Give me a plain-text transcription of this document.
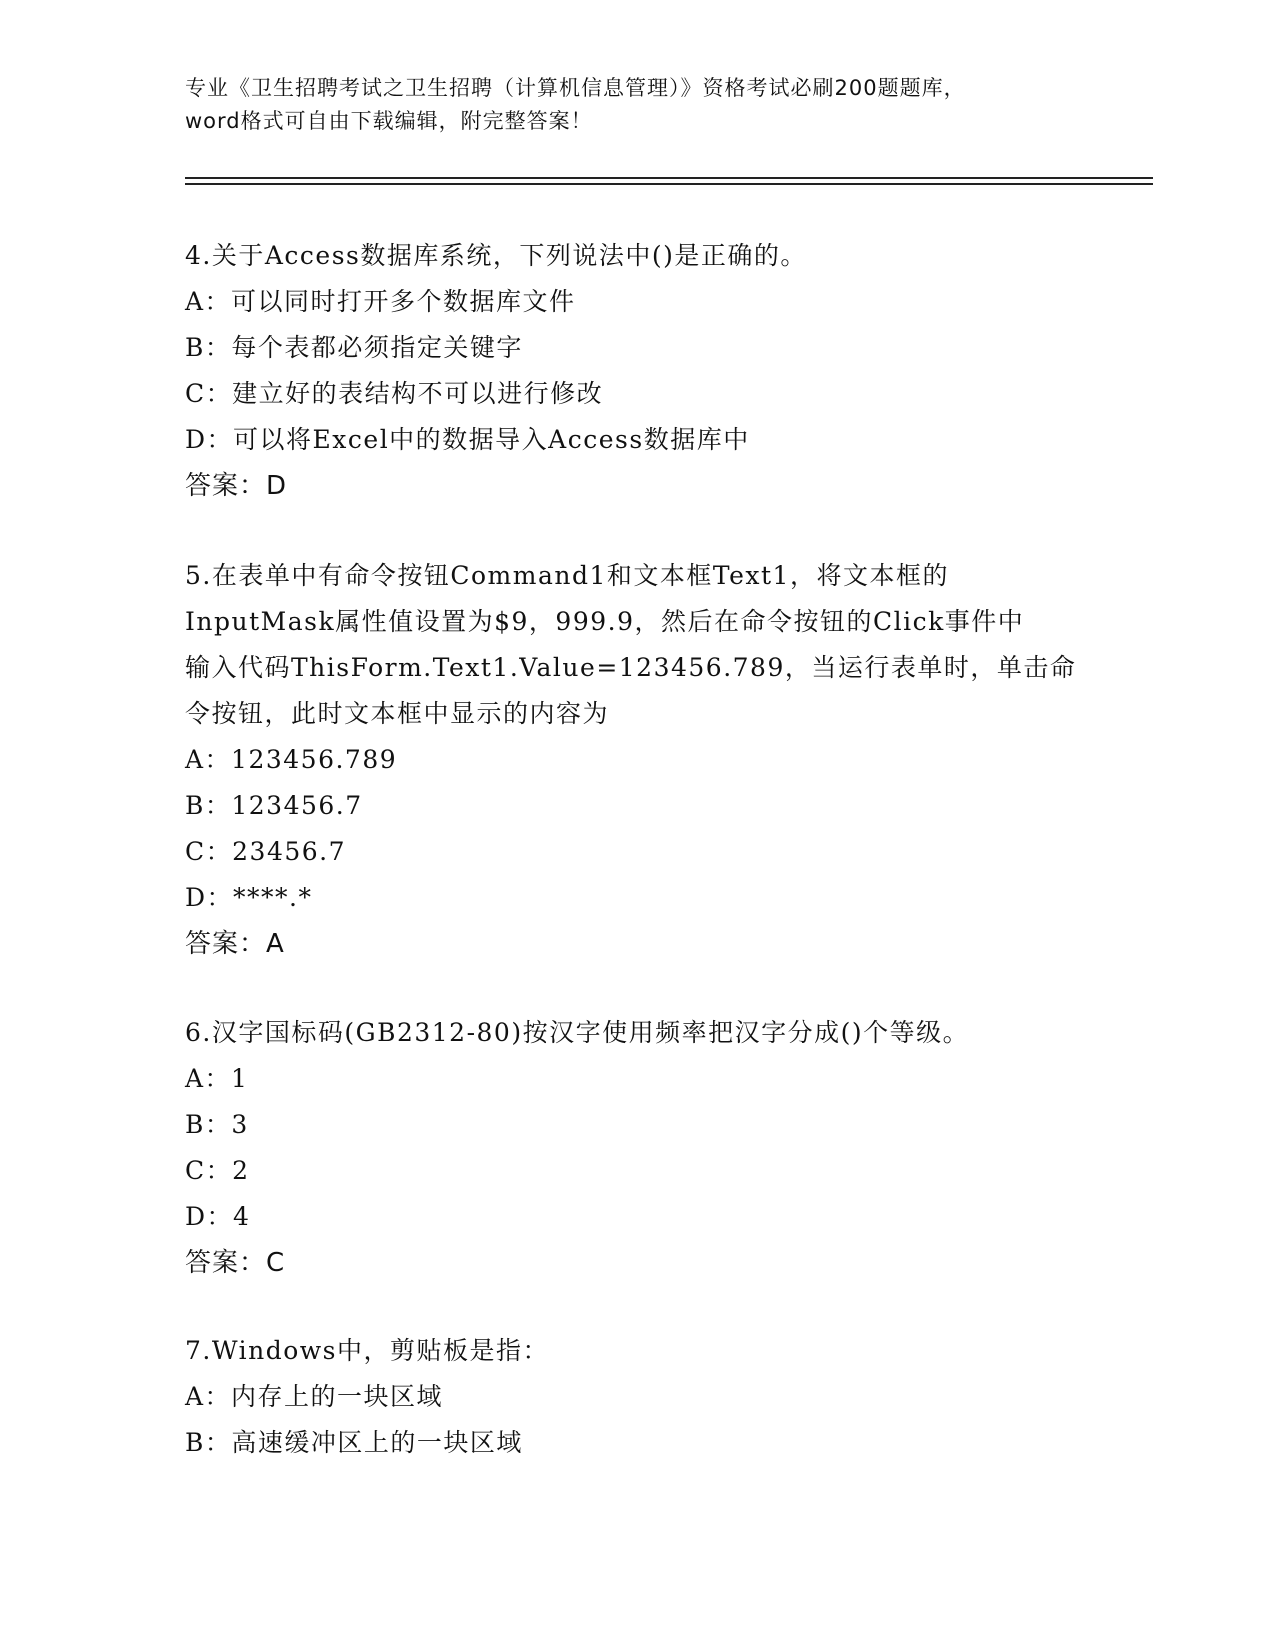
专业《卫生招聘考试之卫生招聘（计算机信息管理）》资格考试必刷200题题库，
word格式可自由下载编辑，附完整答案！
4.关于Access数据库系统，下列说法中()是正确的。
A：可以同时打开多个数据库文件
B：每个表都必须指定关键字
C：建立好的表结构不可以进行修改
D：可以将Excel中的数据导入Access数据库中
答案：D
5.在表单中有命令按钮Command1和文本框Text1，将文本框的
InputMask属性值设置为$9，999.9，然后在命令按钮的Click事件中
输入代码ThisForm.Text1.Value=123456.789，当运行表单时，单击命
令按钮，此时文本框中显示的内容为
A：123456.789
B：123456.7
C：23456.7
D：****.*
答案：A
6.汉字国标码(GB2312-80)按汉字使用频率把汉字分成()个等级。
A：1
B：3
C：2
D：4
答案：C
7.Windows中，剪贴板是指：
A：内存上的一块区域
B：高速缓冲区上的一块区域
